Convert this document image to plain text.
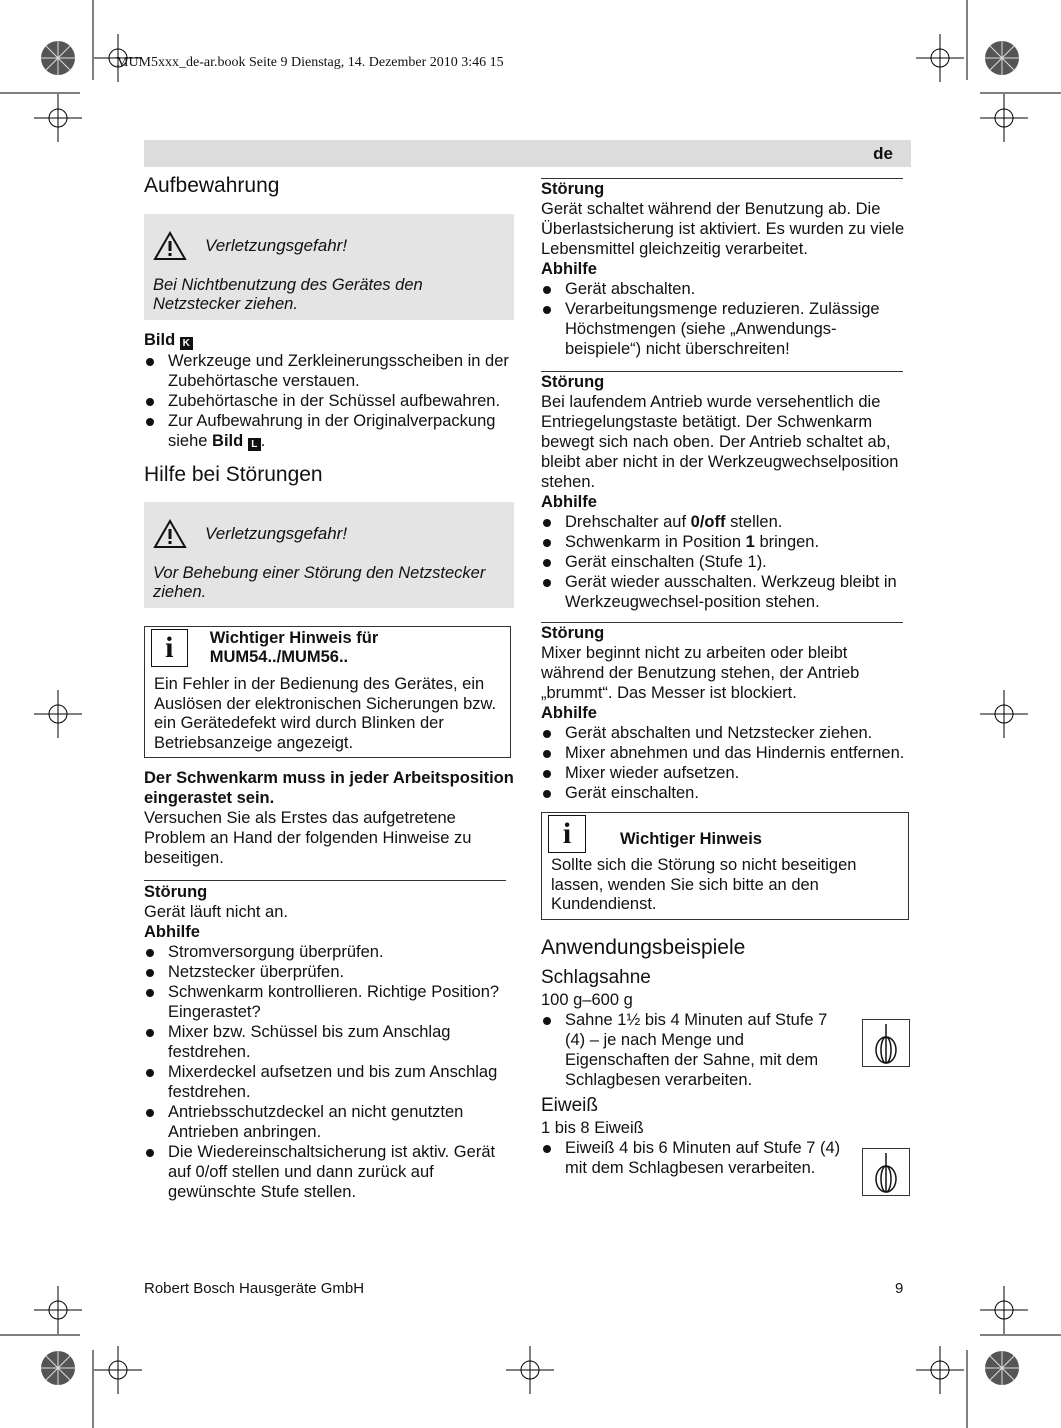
MUM5xxx_de-ar.book Seite 9 Dienstag, 14. Dezember 2010 3:46 15
de
Aufbewahrung
Verletzungsgefahr!
Bei Nichtbenutzung des Gerätes den Netzstecker ziehen.
Bild K
Werkzeuge und Zerkleinerungsscheiben in der Zubehörtasche verstauen.
Zubehörtasche in der Schüssel aufbewahren.
Zur Aufbewahrung in der Originalverpackung siehe Bild L .
Hilfe bei Störungen
Verletzungsgefahr!
Vor Behebung einer Störung den Netzstecker ziehen.
i	Wichtiger Hinweis für MUM54../MUM56..
Ein Fehler in der Bedienung des Gerätes, ein Auslösen der elektronischen Sicherungen bzw. ein Gerätedefekt wird durch Blinken der Betriebsanzeige angezeigt.
Der Schwenkarm muss in jeder Arbeitsposition eingerastet sein.
Versuchen Sie als Erstes das aufgetretene Problem an Hand der folgenden Hinweise zu beseitigen.
Störung
Gerät läuft nicht an.
Abhilfe
Stromversorgung überprüfen.
Netzstecker überprüfen.
Schwenkarm kontrollieren. Richtige Position? Eingerastet?
Mixer bzw. Schüssel bis zum Anschlag festdrehen.
Mixerdeckel aufsetzen und bis zum Anschlag festdrehen.
Antriebsschutzdeckel an nicht genutzten Antrieben anbringen.
Die Wiedereinschaltsicherung ist aktiv. Gerät auf 0/off stellen und dann zurück auf gewünschte Stufe stellen.
Störung
Gerät schaltet während der Benutzung ab. Die Überlastsicherung ist aktiviert. Es wurden zu viele Lebensmittel gleichzeitig verarbeitet.
Abhilfe
Gerät abschalten.
Verarbeitungsmenge reduzieren. Zulässige Höchstmengen (siehe „Anwendungs-beispiele“) nicht überschreiten!
Störung
Bei laufendem Antrieb wurde versehentlich die Entriegelungstaste betätigt. Der Schwenkarm bewegt sich nach oben. Der Antrieb schaltet ab, bleibt aber nicht in der Werkzeugwechselposition stehen.
Abhilfe
Drehschalter auf 0/off stellen.
Schwenkarm in Position 1 bringen.
Gerät einschalten (Stufe 1).
Gerät wieder ausschalten. Werkzeug bleibt in Werkzeugwechsel-position stehen.
Störung
Mixer beginnt nicht zu arbeiten oder bleibt während der Benutzung stehen, der Antrieb „brummt“. Das Messer ist blockiert.
Abhilfe
Gerät abschalten und Netzstecker ziehen.
Mixer abnehmen und das Hindernis entfernen.
Mixer wieder aufsetzen.
Gerät einschalten.
i	Wichtiger Hinweis
Sollte sich die Störung so nicht beseitigen lassen, wenden Sie sich bitte an den Kundendienst.
Anwendungsbeispiele
Schlagsahne
100 g–600 g
Sahne 1½ bis 4 Minuten auf Stufe 7 (4) – je nach Menge und Eigenschaften der Sahne, mit dem Schlagbesen verarbeiten.
Eiweiß
1 bis 8 Eiweiß
Eiweiß 4 bis 6 Minuten auf Stufe 7 (4) mit dem Schlagbesen verarbeiten.
Robert Bosch Hausgeräte GmbH	9
